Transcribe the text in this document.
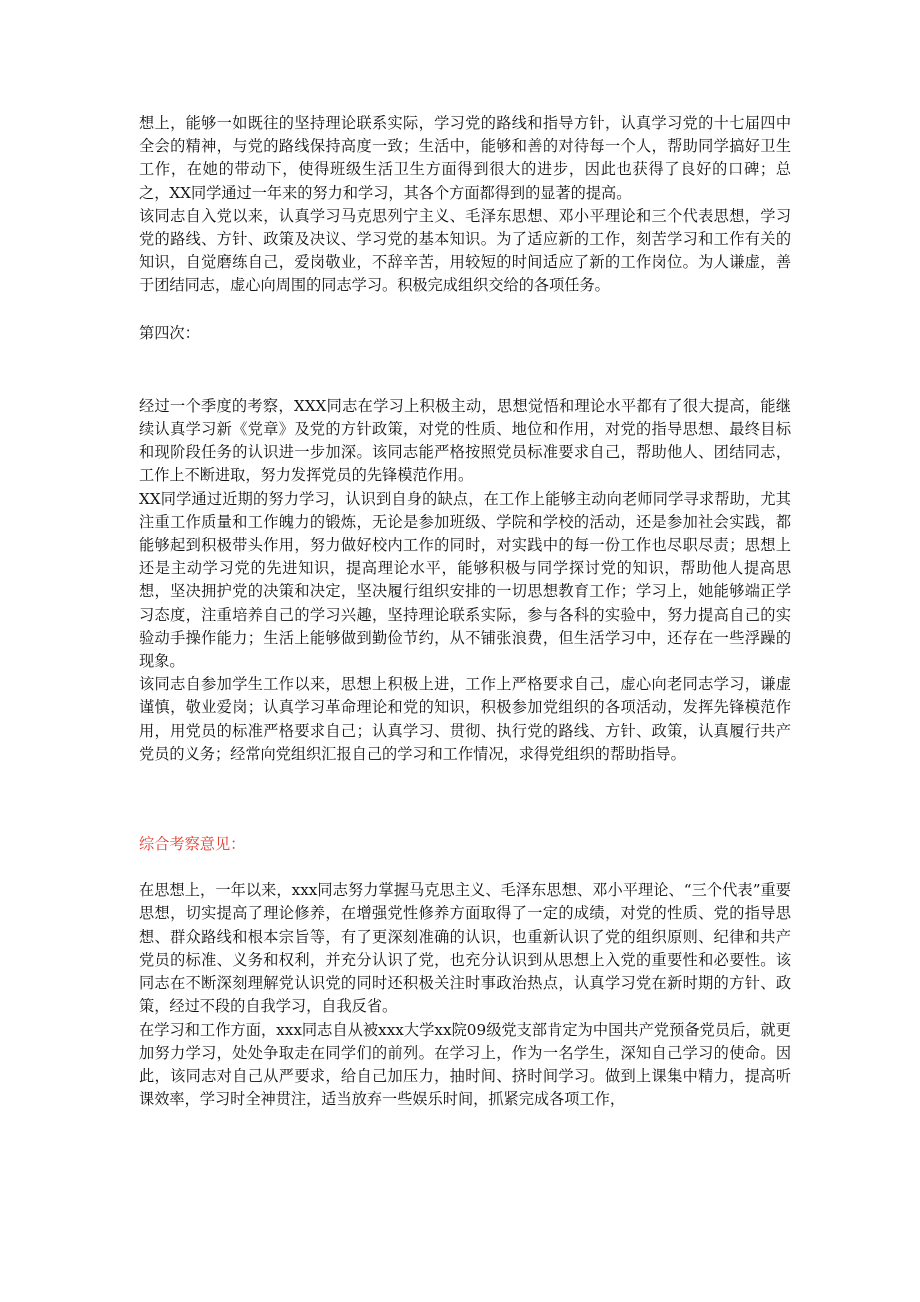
想上，能够一如既往的坚持理论联系实际，学习党的路线和指导方针，认真学习党的十七届四中全会的精神，与党的路线保持高度一致；生活中，能够和善的对待每一个人，帮助同学搞好卫生工作，在她的带动下，使得班级生活卫生方面得到很大的进步，因此也获得了良好的口碑；总之，XX同学通过一年来的努力和学习，其各个方面都得到的显著的提高。

该同志自入党以来，认真学习马克思列宁主义、毛泽东思想、邓小平理论和三个代表思想，学习党的路线、方针、政策及决议、学习党的基本知识。为了适应新的工作，刻苦学习和工作有关的知识，自觉磨练自己，爱岗敬业，不辞辛苦，用较短的时间适应了新的工作岗位。为人谦虚，善于团结同志，虚心向周围的同志学习。积极完成组织交给的各项任务。

第四次：

经过一个季度的考察，XXX同志在学习上积极主动，思想觉悟和理论水平都有了很大提高，能继续认真学习新《党章》及党的方针政策，对党的性质、地位和作用，对党的指导思想、最终目标和现阶段任务的认识进一步加深。该同志能严格按照党员标准要求自己，帮助他人、团结同志，工作上不断进取，努力发挥党员的先锋模范作用。

XX同学通过近期的努力学习，认识到自身的缺点，在工作上能够主动向老师同学寻求帮助，尤其注重工作质量和工作魄力的锻炼，无论是参加班级、学院和学校的活动，还是参加社会实践，都能够起到积极带头作用，努力做好校内工作的同时，对实践中的每一份工作也尽职尽责；思想上还是主动学习党的先进知识，提高理论水平，能够积极与同学探讨党的知识，帮助他人提高思想，坚决拥护党的决策和决定，坚决履行组织安排的一切思想教育工作；学习上，她能够端正学习态度，注重培养自己的学习兴趣，坚持理论联系实际，参与各科的实验中，努力提高自己的实验动手操作能力；生活上能够做到勤俭节约，从不铺张浪费，但生活学习中，还存在一些浮躁的现象。

该同志自参加学生工作以来，思想上积极上进，工作上严格要求自己，虚心向老同志学习，谦虚谨慎，敬业爱岗；认真学习革命理论和党的知识，积极参加党组织的各项活动，发挥先锋模范作用，用党员的标准严格要求自己；认真学习、贯彻、执行党的路线、方针、政策，认真履行共产党员的义务；经常向党组织汇报自己的学习和工作情况，求得党组织的帮助指导。

综合考察意见：

在思想上，一年以来，xxx同志努力掌握马克思主义、毛泽东思想、邓小平理论、“三个代表”重要思想，切实提高了理论修养，在增强党性修养方面取得了一定的成绩，对党的性质、党的指导思想、群众路线和根本宗旨等，有了更深刻准确的认识，也重新认识了党的组织原则、纪律和共产党员的标准、义务和权利，并充分认识了党，也充分认识到从思想上入党的重要性和必要性。该同志在不断深刻理解党认识党的同时还积极关注时事政治热点，认真学习党在新时期的方针、政策，经过不段的自我学习，自我反省。

在学习和工作方面，xxx同志自从被xxx大学xx院09级党支部肯定为中国共产党预备党员后，就更加努力学习，处处争取走在同学们的前列。在学习上，作为一名学生，深知自己学习的使命。因此，该同志对自己从严要求，给自己加压力，抽时间、挤时间学习。做到上课集中精力，提高听课效率，学习时全神贯注，适当放弃一些娱乐时间，抓紧完成各项工作，
